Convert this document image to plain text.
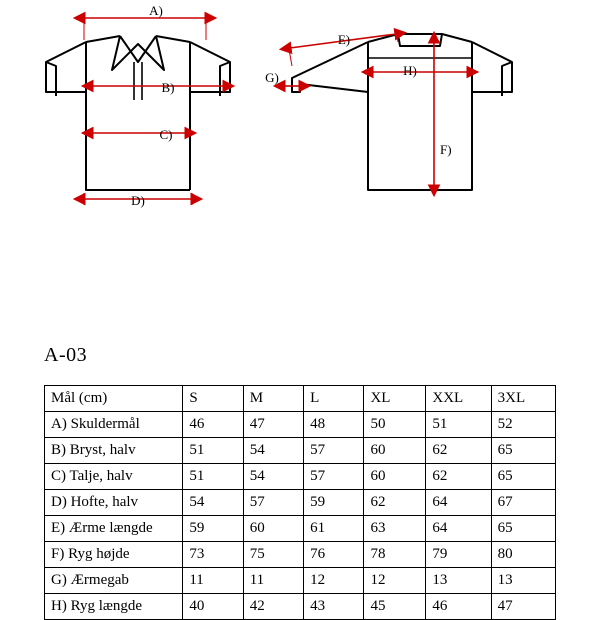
A)
B)
C)
D)
E)
G)	H)
F)
A-03
Mål (cm)	S	M	L	XL	XXL	3XL
A) Skuldermål	46	47	48	50	51	52
B) Bryst, halv	51	54	57	60	62	65
C) Talje, halv	51	54	57	60	62	65
D) Hofte, halv	54	57	59	62	64	67
E) Ærme længde	59	60	61	63	64	65
F) Ryg højde	73	75	76	78	79	80
G) Ærmegab	11	11	12	12	13	13
H) Ryg længde	40	42	43	45	46	47
